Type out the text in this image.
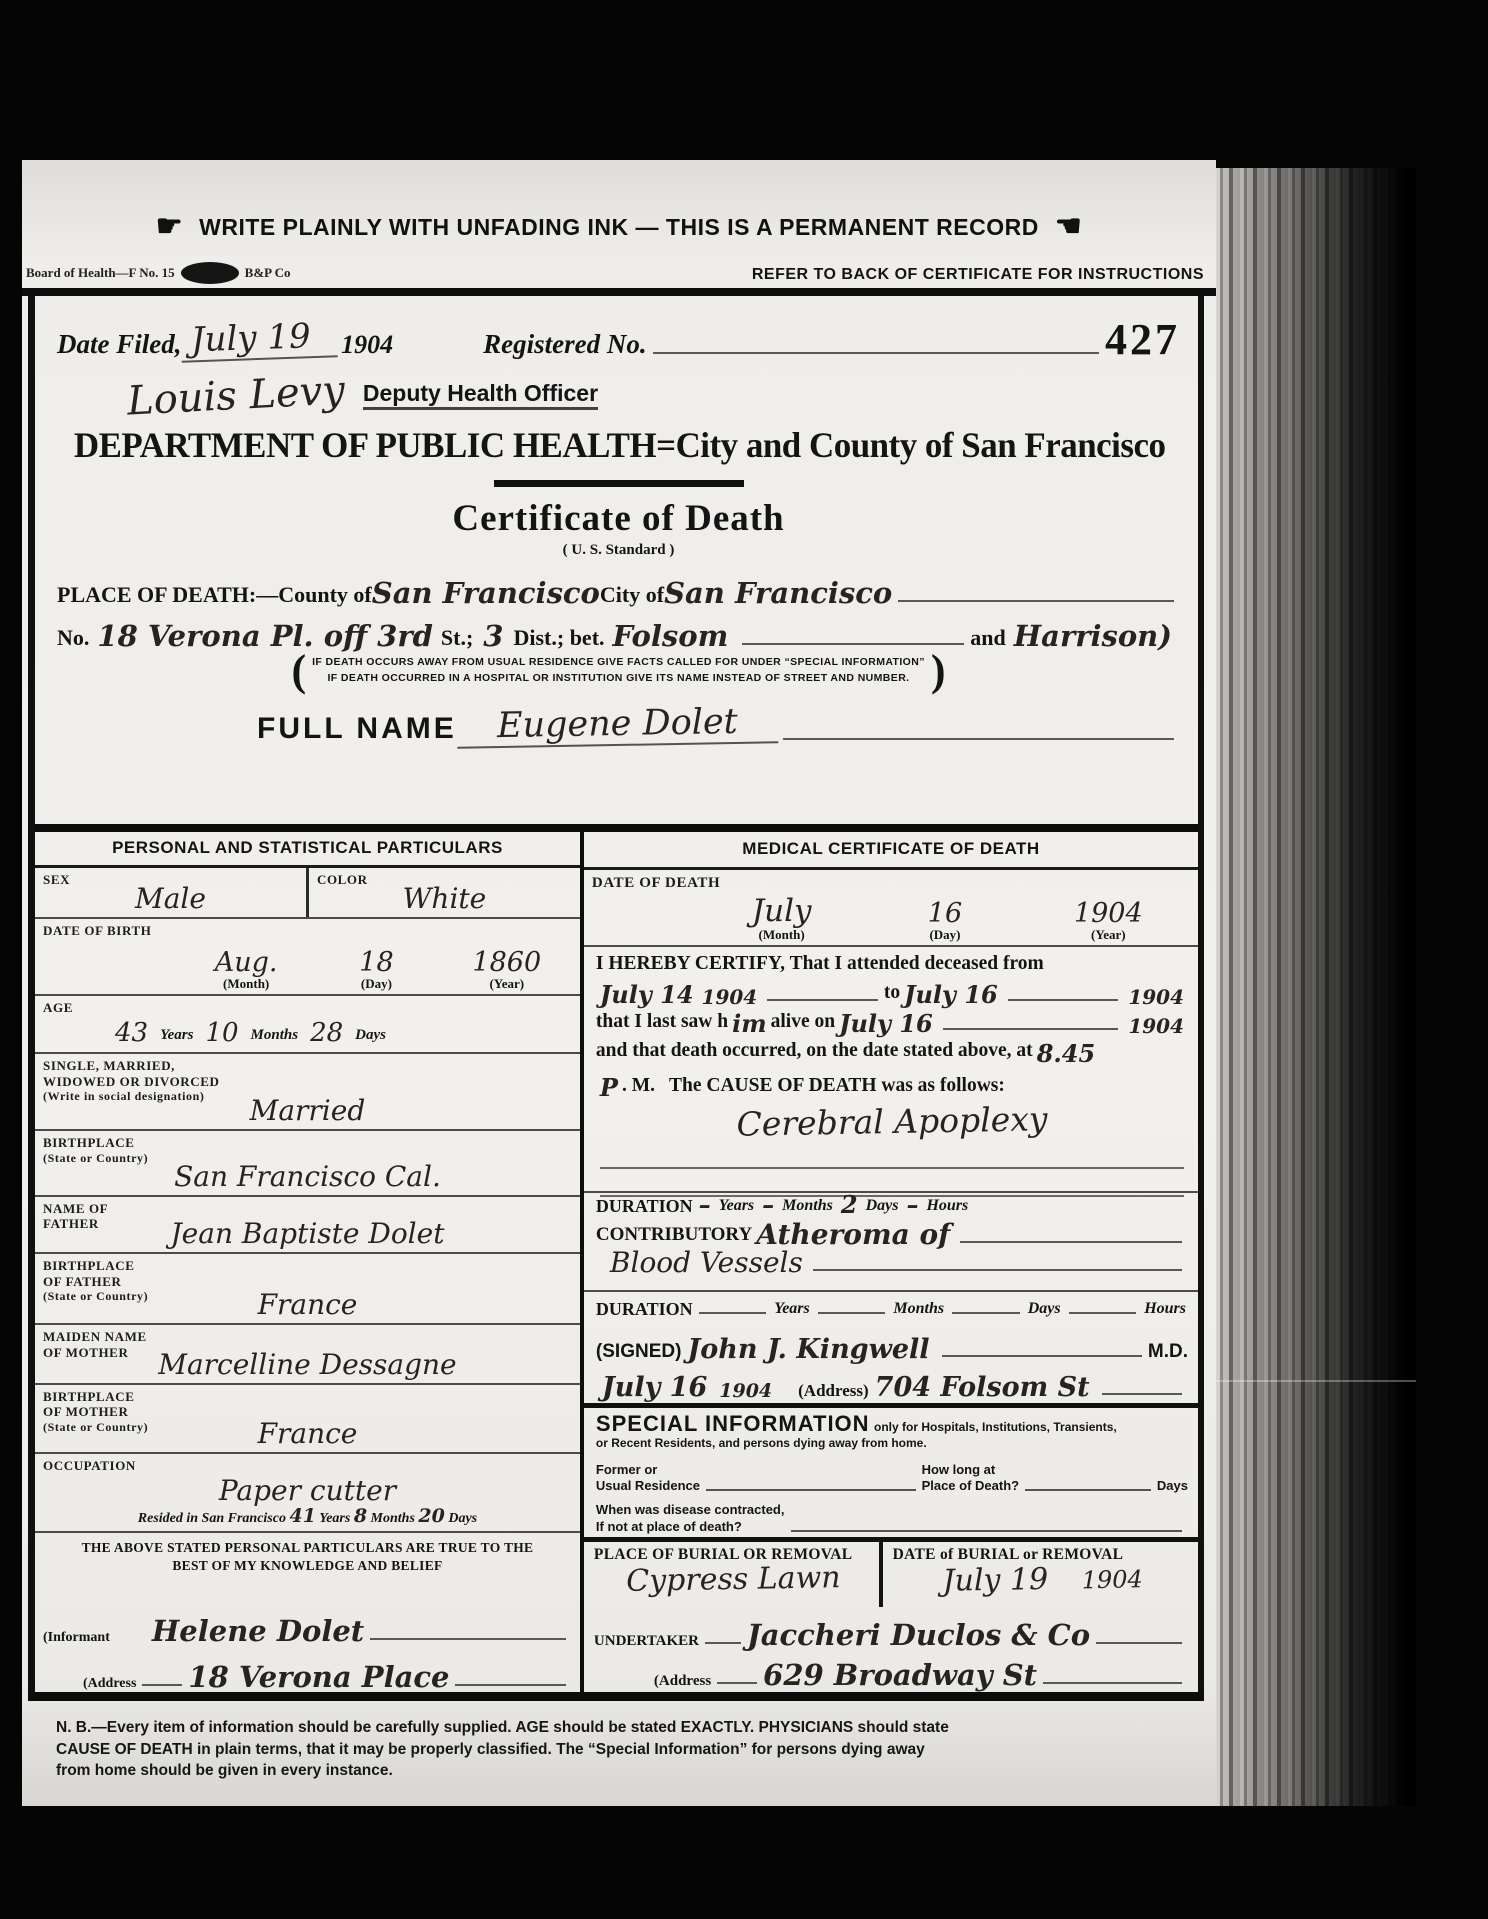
☛ WRITE PLAINLY WITH UNFADING INK — THIS IS A PERMANENT RECORD ☚
Board of Health—F No. 15	B&P Co	REFER TO BACK OF CERTIFICATE FOR INSTRUCTIONS
Date Filed, July 19	1904	Registered No.	427
Louis Levy Deputy Health Officer
DEPARTMENT OF PUBLIC HEALTH=City and County of San Francisco
Certificate of Death
( U. S. Standard )
PLACE OF DEATH:—County of San Francisco City of San Francisco
No. 18 Verona Pl. off 3rd St.; 3 Dist.; bet. Folsom	and Harrison)
( IF DEATH OCCURS AWAY FROM USUAL RESIDENCE GIVE FACTS CALLED FOR UNDER “SPECIAL INFORMATION”
IF DEATH OCCURRED IN A HOSPITAL OR INSTITUTION GIVE ITS NAME INSTEAD OF STREET AND NUMBER. )
FULL NAME	Eugene Dolet
PERSONAL AND STATISTICAL PARTICULARS
SEX
Male
COLOR
White
DATE OF BIRTH
Aug.
(Month)
18
(Day)
1860
(Year)
AGE
43 Years 10 Months 28 Days
SINGLE, MARRIED,
WIDOWED OR DIVORCED
(Write in social designation)	Married
BIRTHPLACE
(State or Country)
San Francisco Cal.
NAME OF
FATHER	Jean Baptiste Dolet
BIRTHPLACE
OF FATHER
(State or Country)	France
MAIDEN NAME
OF MOTHER	Marcelline Dessagne
BIRTHPLACE
OF MOTHER
(State or Country)	France
OCCUPATION
Paper cutter
Resided in San Francisco 41 Years 8 Months 20 Days
THE ABOVE STATED PERSONAL PARTICULARS ARE TRUE TO THE
BEST OF MY KNOWLEDGE AND BELIEF
(Informant Helene Dolet
(Address 18 Verona Place
MEDICAL CERTIFICATE OF DEATH
DATE OF DEATH
July
(Month)
16
(Day)
1904
(Year)
I HEREBY CERTIFY, That I attended deceased from
July 14 1904	to July 16	1904
that I last saw h im alive on July 16	1904
and that death occurred, on the date stated above, at 8.45
P . M. The CAUSE OF DEATH was as follows:
Cerebral Apoplexy
DURATION – Years – Months 2 Days – Hours
CONTRIBUTORY Atheroma of
Blood Vessels
DURATION	Years	Months	Days	Hours
(SIGNED) John J. Kingwell	M.D.
July 16 1904 (Address) 704 Folsom St
SPECIAL INFORMATION only for Hospitals, Institutions, Transients,
or Recent Residents, and persons dying away from home.
Former or
Usual Residence
How long at
Place of Death?	Days
When was disease contracted,
If not at place of death?
PLACE OF BURIAL OR REMOVAL
Cypress Lawn
DATE of BURIAL or REMOVAL
July 19 1904
UNDERTAKER Jaccheri Duclos & Co
(Address 629 Broadway St

N. B.—Every item of information should be carefully supplied. AGE should be stated EXACTLY. PHYSICIANS should state CAUSE OF DEATH in plain terms, that it may be properly classified. The “Special Information” for persons dying away from home should be given in every instance.
